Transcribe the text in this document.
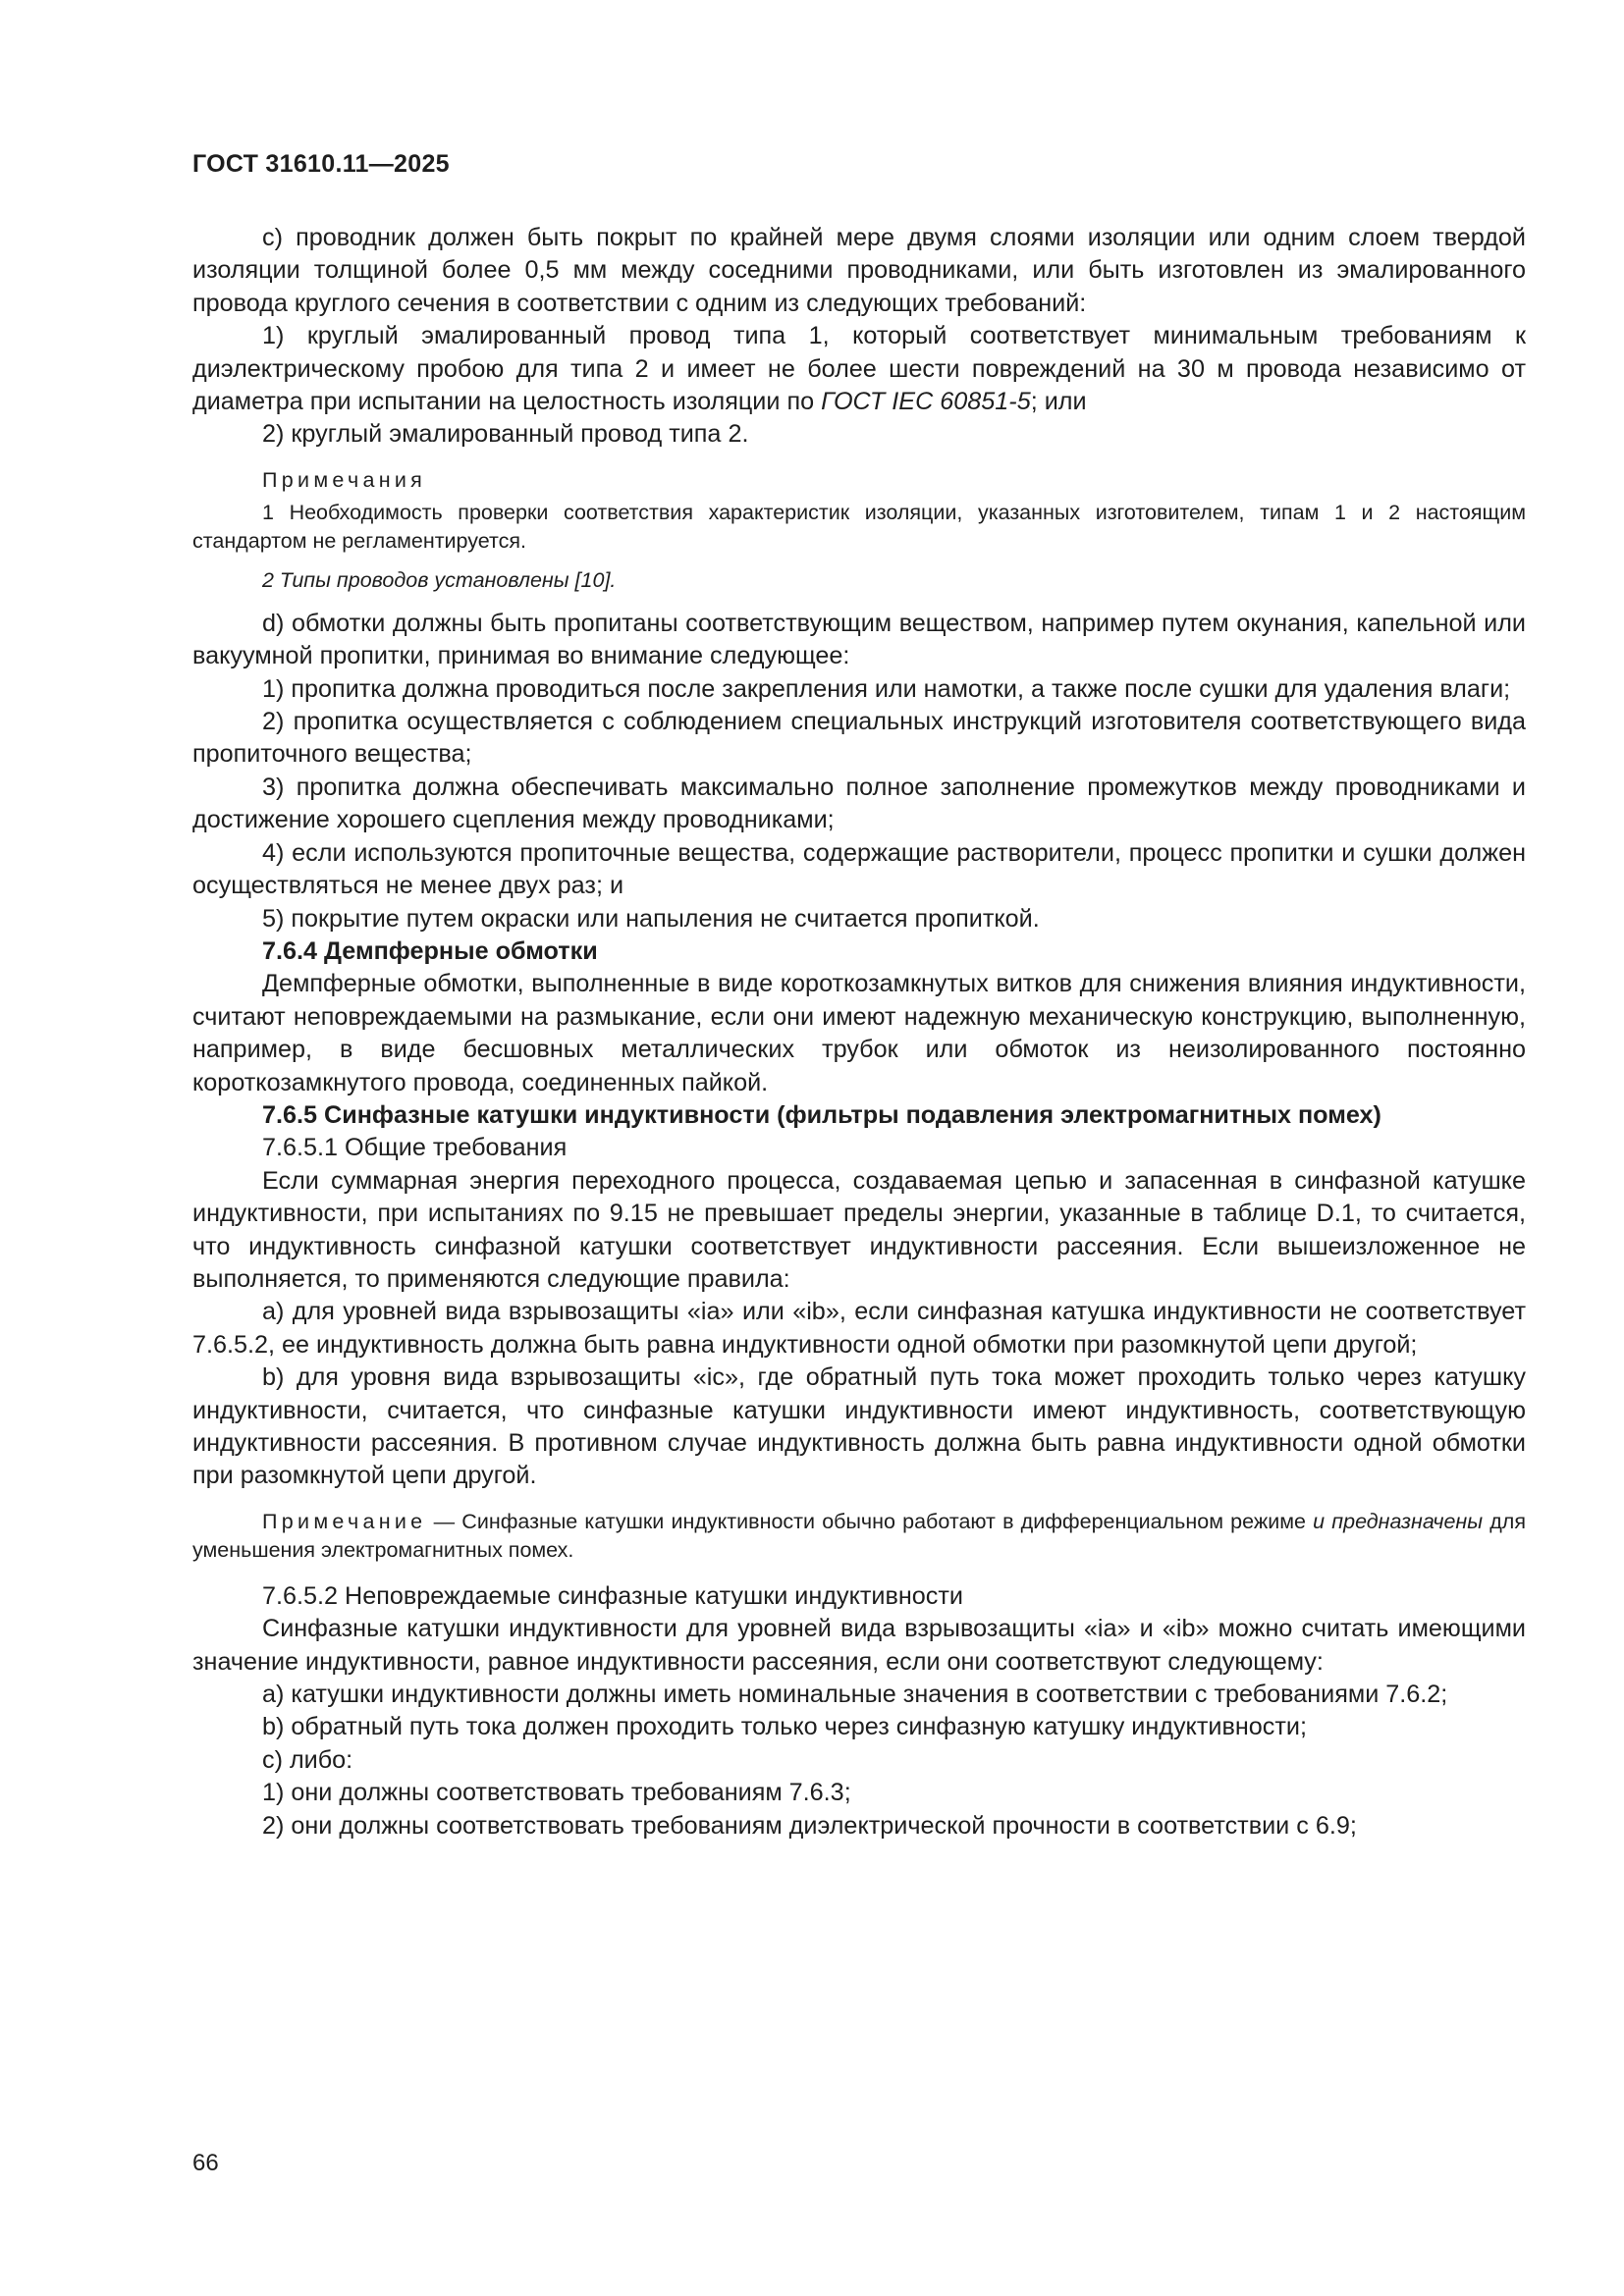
ГОСТ 31610.11—2025

c) проводник должен быть покрыт по крайней мере двумя слоями изоляции или одним слоем твердой изоляции толщиной более 0,5 мм между соседними проводниками, или быть изготовлен из эмалированного провода круглого сечения в соответствии с одним из следующих требований:

1) круглый эмалированный провод типа 1, который соответствует минимальным требованиям к диэлектрическому пробою для типа 2 и имеет не более шести повреждений на 30 м провода независимо от диаметра при испытании на целостность изоляции по ГОСТ IEC 60851-5; или

2) круглый эмалированный провод типа 2.

Примечания

1 Необходимость проверки соответствия характеристик изоляции, указанных изготовителем, типам 1 и 2 настоящим стандартом не регламентируется.

2 Типы проводов установлены [10].

d) обмотки должны быть пропитаны соответствующим веществом, например путем окунания, капельной или вакуумной пропитки, принимая во внимание следующее:

1) пропитка должна проводиться после закрепления или намотки, а также после сушки для удаления влаги;

2) пропитка осуществляется с соблюдением специальных инструкций изготовителя соответствующего вида пропиточного вещества;

3) пропитка должна обеспечивать максимально полное заполнение промежутков между проводниками и достижение хорошего сцепления между проводниками;

4) если используются пропиточные вещества, содержащие растворители, процесс пропитки и сушки должен осуществляться не менее двух раз; и

5) покрытие путем окраски или напыления не считается пропиткой.

7.6.4 Демпферные обмотки

Демпферные обмотки, выполненные в виде короткозамкнутых витков для снижения влияния индуктивности, считают неповреждаемыми на размыкание, если они имеют надежную механическую конструкцию, выполненную, например, в виде бесшовных металлических трубок или обмоток из неизолированного постоянно короткозамкнутого провода, соединенных пайкой.

7.6.5 Синфазные катушки индуктивности (фильтры подавления электромагнитных помех)

7.6.5.1 Общие требования

Если суммарная энергия переходного процесса, создаваемая цепью и запасенная в синфазной катушке индуктивности, при испытаниях по 9.15 не превышает пределы энергии, указанные в таблице D.1, то считается, что индуктивность синфазной катушки соответствует индуктивности рассеяния. Если вышеизложенное не выполняется, то применяются следующие правила:

a) для уровней вида взрывозащиты «ia» или «ib», если синфазная катушка индуктивности не соответствует 7.6.5.2, ее индуктивность должна быть равна индуктивности одной обмотки при разомкнутой цепи другой;

b) для уровня вида взрывозащиты «ic», где обратный путь тока может проходить только через катушку индуктивности, считается, что синфазные катушки индуктивности имеют индуктивность, соответствующую индуктивности рассеяния. В противном случае индуктивность должна быть равна индуктивности одной обмотки при разомкнутой цепи другой.

Примечание — Синфазные катушки индуктивности обычно работают в дифференциальном режиме и предназначены для уменьшения электромагнитных помех.

7.6.5.2 Неповреждаемые синфазные катушки индуктивности

Синфазные катушки индуктивности для уровней вида взрывозащиты «ia» и «ib» можно считать имеющими значение индуктивности, равное индуктивности рассеяния, если они соответствуют следующему:

a) катушки индуктивности должны иметь номинальные значения в соответствии с требованиями 7.6.2;

b) обратный путь тока должен проходить только через синфазную катушку индуктивности;

c) либо:

1) они должны соответствовать требованиям 7.6.3;

2) они должны соответствовать требованиям диэлектрической прочности в соответствии с 6.9;

66
